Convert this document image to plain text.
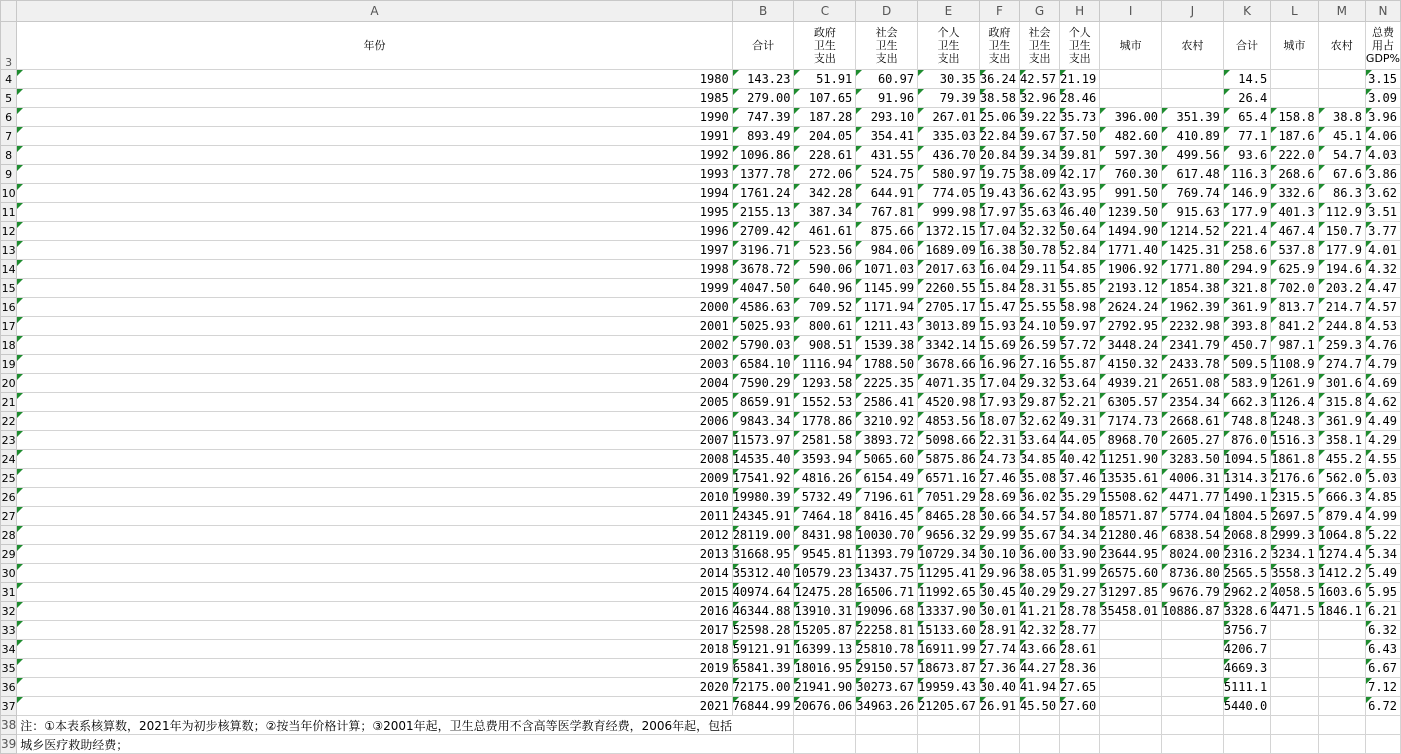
	A	B	C	D	E	F	G	H	I	J	K	L	M	N
3	年份	合计	政府
卫生
支出	社会
卫生
支出	个人
卫生
支出	政府
卫生
支出	社会
卫生
支出	个人
卫生
支出	城市	农村	合计	城市	农村	总费
用占
GDP%
4	1980	143.23	51.91	60.97	30.35	36.24	42.57	21.19			14.5			3.15
5	1985	279.00	107.65	91.96	79.39	38.58	32.96	28.46			26.4			3.09
6	1990	747.39	187.28	293.10	267.01	25.06	39.22	35.73	396.00	351.39	65.4	158.8	38.8	3.96
7	1991	893.49	204.05	354.41	335.03	22.84	39.67	37.50	482.60	410.89	77.1	187.6	45.1	4.06
8	1992	1096.86	228.61	431.55	436.70	20.84	39.34	39.81	597.30	499.56	93.6	222.0	54.7	4.03
9	1993	1377.78	272.06	524.75	580.97	19.75	38.09	42.17	760.30	617.48	116.3	268.6	67.6	3.86
10	1994	1761.24	342.28	644.91	774.05	19.43	36.62	43.95	991.50	769.74	146.9	332.6	86.3	3.62
11	1995	2155.13	387.34	767.81	999.98	17.97	35.63	46.40	1239.50	915.63	177.9	401.3	112.9	3.51
12	1996	2709.42	461.61	875.66	1372.15	17.04	32.32	50.64	1494.90	1214.52	221.4	467.4	150.7	3.77
13	1997	3196.71	523.56	984.06	1689.09	16.38	30.78	52.84	1771.40	1425.31	258.6	537.8	177.9	4.01
14	1998	3678.72	590.06	1071.03	2017.63	16.04	29.11	54.85	1906.92	1771.80	294.9	625.9	194.6	4.32
15	1999	4047.50	640.96	1145.99	2260.55	15.84	28.31	55.85	2193.12	1854.38	321.8	702.0	203.2	4.47
16	2000	4586.63	709.52	1171.94	2705.17	15.47	25.55	58.98	2624.24	1962.39	361.9	813.7	214.7	4.57
17	2001	5025.93	800.61	1211.43	3013.89	15.93	24.10	59.97	2792.95	2232.98	393.8	841.2	244.8	4.53
18	2002	5790.03	908.51	1539.38	3342.14	15.69	26.59	57.72	3448.24	2341.79	450.7	987.1	259.3	4.76
19	2003	6584.10	1116.94	1788.50	3678.66	16.96	27.16	55.87	4150.32	2433.78	509.5	1108.9	274.7	4.79
20	2004	7590.29	1293.58	2225.35	4071.35	17.04	29.32	53.64	4939.21	2651.08	583.9	1261.9	301.6	4.69
21	2005	8659.91	1552.53	2586.41	4520.98	17.93	29.87	52.21	6305.57	2354.34	662.3	1126.4	315.8	4.62
22	2006	9843.34	1778.86	3210.92	4853.56	18.07	32.62	49.31	7174.73	2668.61	748.8	1248.3	361.9	4.49
23	2007	11573.97	2581.58	3893.72	5098.66	22.31	33.64	44.05	8968.70	2605.27	876.0	1516.3	358.1	4.29
24	2008	14535.40	3593.94	5065.60	5875.86	24.73	34.85	40.42	11251.90	3283.50	1094.5	1861.8	455.2	4.55
25	2009	17541.92	4816.26	6154.49	6571.16	27.46	35.08	37.46	13535.61	4006.31	1314.3	2176.6	562.0	5.03
26	2010	19980.39	5732.49	7196.61	7051.29	28.69	36.02	35.29	15508.62	4471.77	1490.1	2315.5	666.3	4.85
27	2011	24345.91	7464.18	8416.45	8465.28	30.66	34.57	34.80	18571.87	5774.04	1804.5	2697.5	879.4	4.99
28	2012	28119.00	8431.98	10030.70	9656.32	29.99	35.67	34.34	21280.46	6838.54	2068.8	2999.3	1064.8	5.22
29	2013	31668.95	9545.81	11393.79	10729.34	30.10	36.00	33.90	23644.95	8024.00	2316.2	3234.1	1274.4	5.34
30	2014	35312.40	10579.23	13437.75	11295.41	29.96	38.05	31.99	26575.60	8736.80	2565.5	3558.3	1412.2	5.49
31	2015	40974.64	12475.28	16506.71	11992.65	30.45	40.29	29.27	31297.85	9676.79	2962.2	4058.5	1603.6	5.95
32	2016	46344.88	13910.31	19096.68	13337.90	30.01	41.21	28.78	35458.01	10886.87	3328.6	4471.5	1846.1	6.21
33	2017	52598.28	15205.87	22258.81	15133.60	28.91	42.32	28.77			3756.7			6.32
34	2018	59121.91	16399.13	25810.78	16911.99	27.74	43.66	28.61			4206.7			6.43
35	2019	65841.39	18016.95	29150.57	18673.87	27.36	44.27	28.36			4669.3			6.67
36	2020	72175.00	21941.90	30273.67	19959.43	30.40	41.94	27.65			5111.1			7.12
37	2021	76844.99	20676.06	34963.26	21205.67	26.91	45.50	27.60			5440.0			6.72
38	注：①本表系核算数，2021年为初步核算数；②按当年价格计算；③2001年起，卫生总费用不含高等医学教育经费，2006年起，包括													
39	城乡医疗救助经费；													
